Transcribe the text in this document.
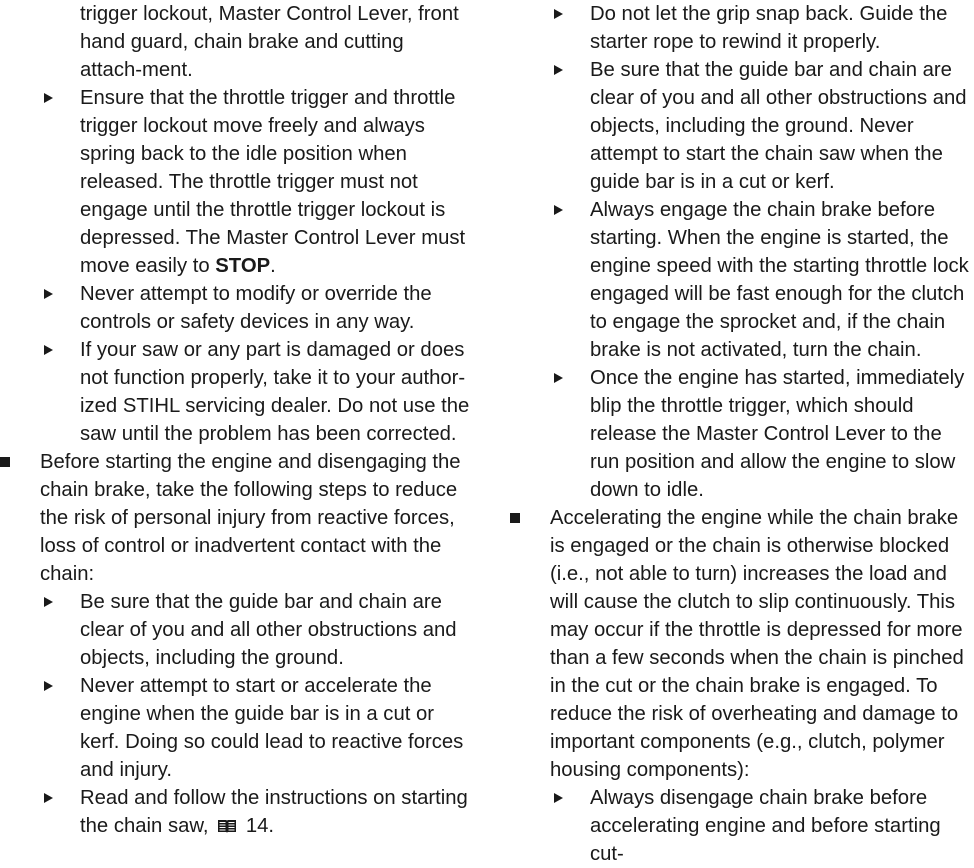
trigger lockout, Master Control Lever, front hand guard, chain brake and cutting attach-ment.

Ensure that the throttle trigger and throttle trigger lockout move freely and always spring back to the idle position when released. The throttle trigger must not engage until the throttle trigger lockout is depressed. The Master Control Lever must move easily to STOP.

Never attempt to modify or override the controls or safety devices in any way.

If your saw or any part is damaged or does not function properly, take it to your author-ized STIHL servicing dealer. Do not use the saw until the problem has been corrected.

Before starting the engine and disengaging the chain brake, take the following steps to reduce the risk of personal injury from reactive forces, loss of control or inadvertent contact with the chain:

Be sure that the guide bar and chain are clear of you and all other obstructions and objects, including the ground.

Never attempt to start or accelerate the engine when the guide bar is in a cut or kerf. Doing so could lead to reactive forces and injury.

Read and follow the instructions on starting the chain saw, 14.

Do not let the grip snap back. Guide the starter rope to rewind it properly.

Be sure that the guide bar and chain are clear of you and all other obstructions and objects, including the ground. Never attempt to start the chain saw when the guide bar is in a cut or kerf.

Always engage the chain brake before starting. When the engine is started, the engine speed with the starting throttle lock engaged will be fast enough for the clutch to engage the sprocket and, if the chain brake is not activated, turn the chain.

Once the engine has started, immediately blip the throttle trigger, which should release the Master Control Lever to the run position and allow the engine to slow down to idle.

Accelerating the engine while the chain brake is engaged or the chain is otherwise blocked (i.e., not able to turn) increases the load and will cause the clutch to slip continuously. This may occur if the throttle is depressed for more than a few seconds when the chain is pinched in the cut or the chain brake is engaged. To reduce the risk of overheating and damage to important components (e.g., clutch, polymer housing components):

Always disengage chain brake before accelerating engine and before starting cut-
